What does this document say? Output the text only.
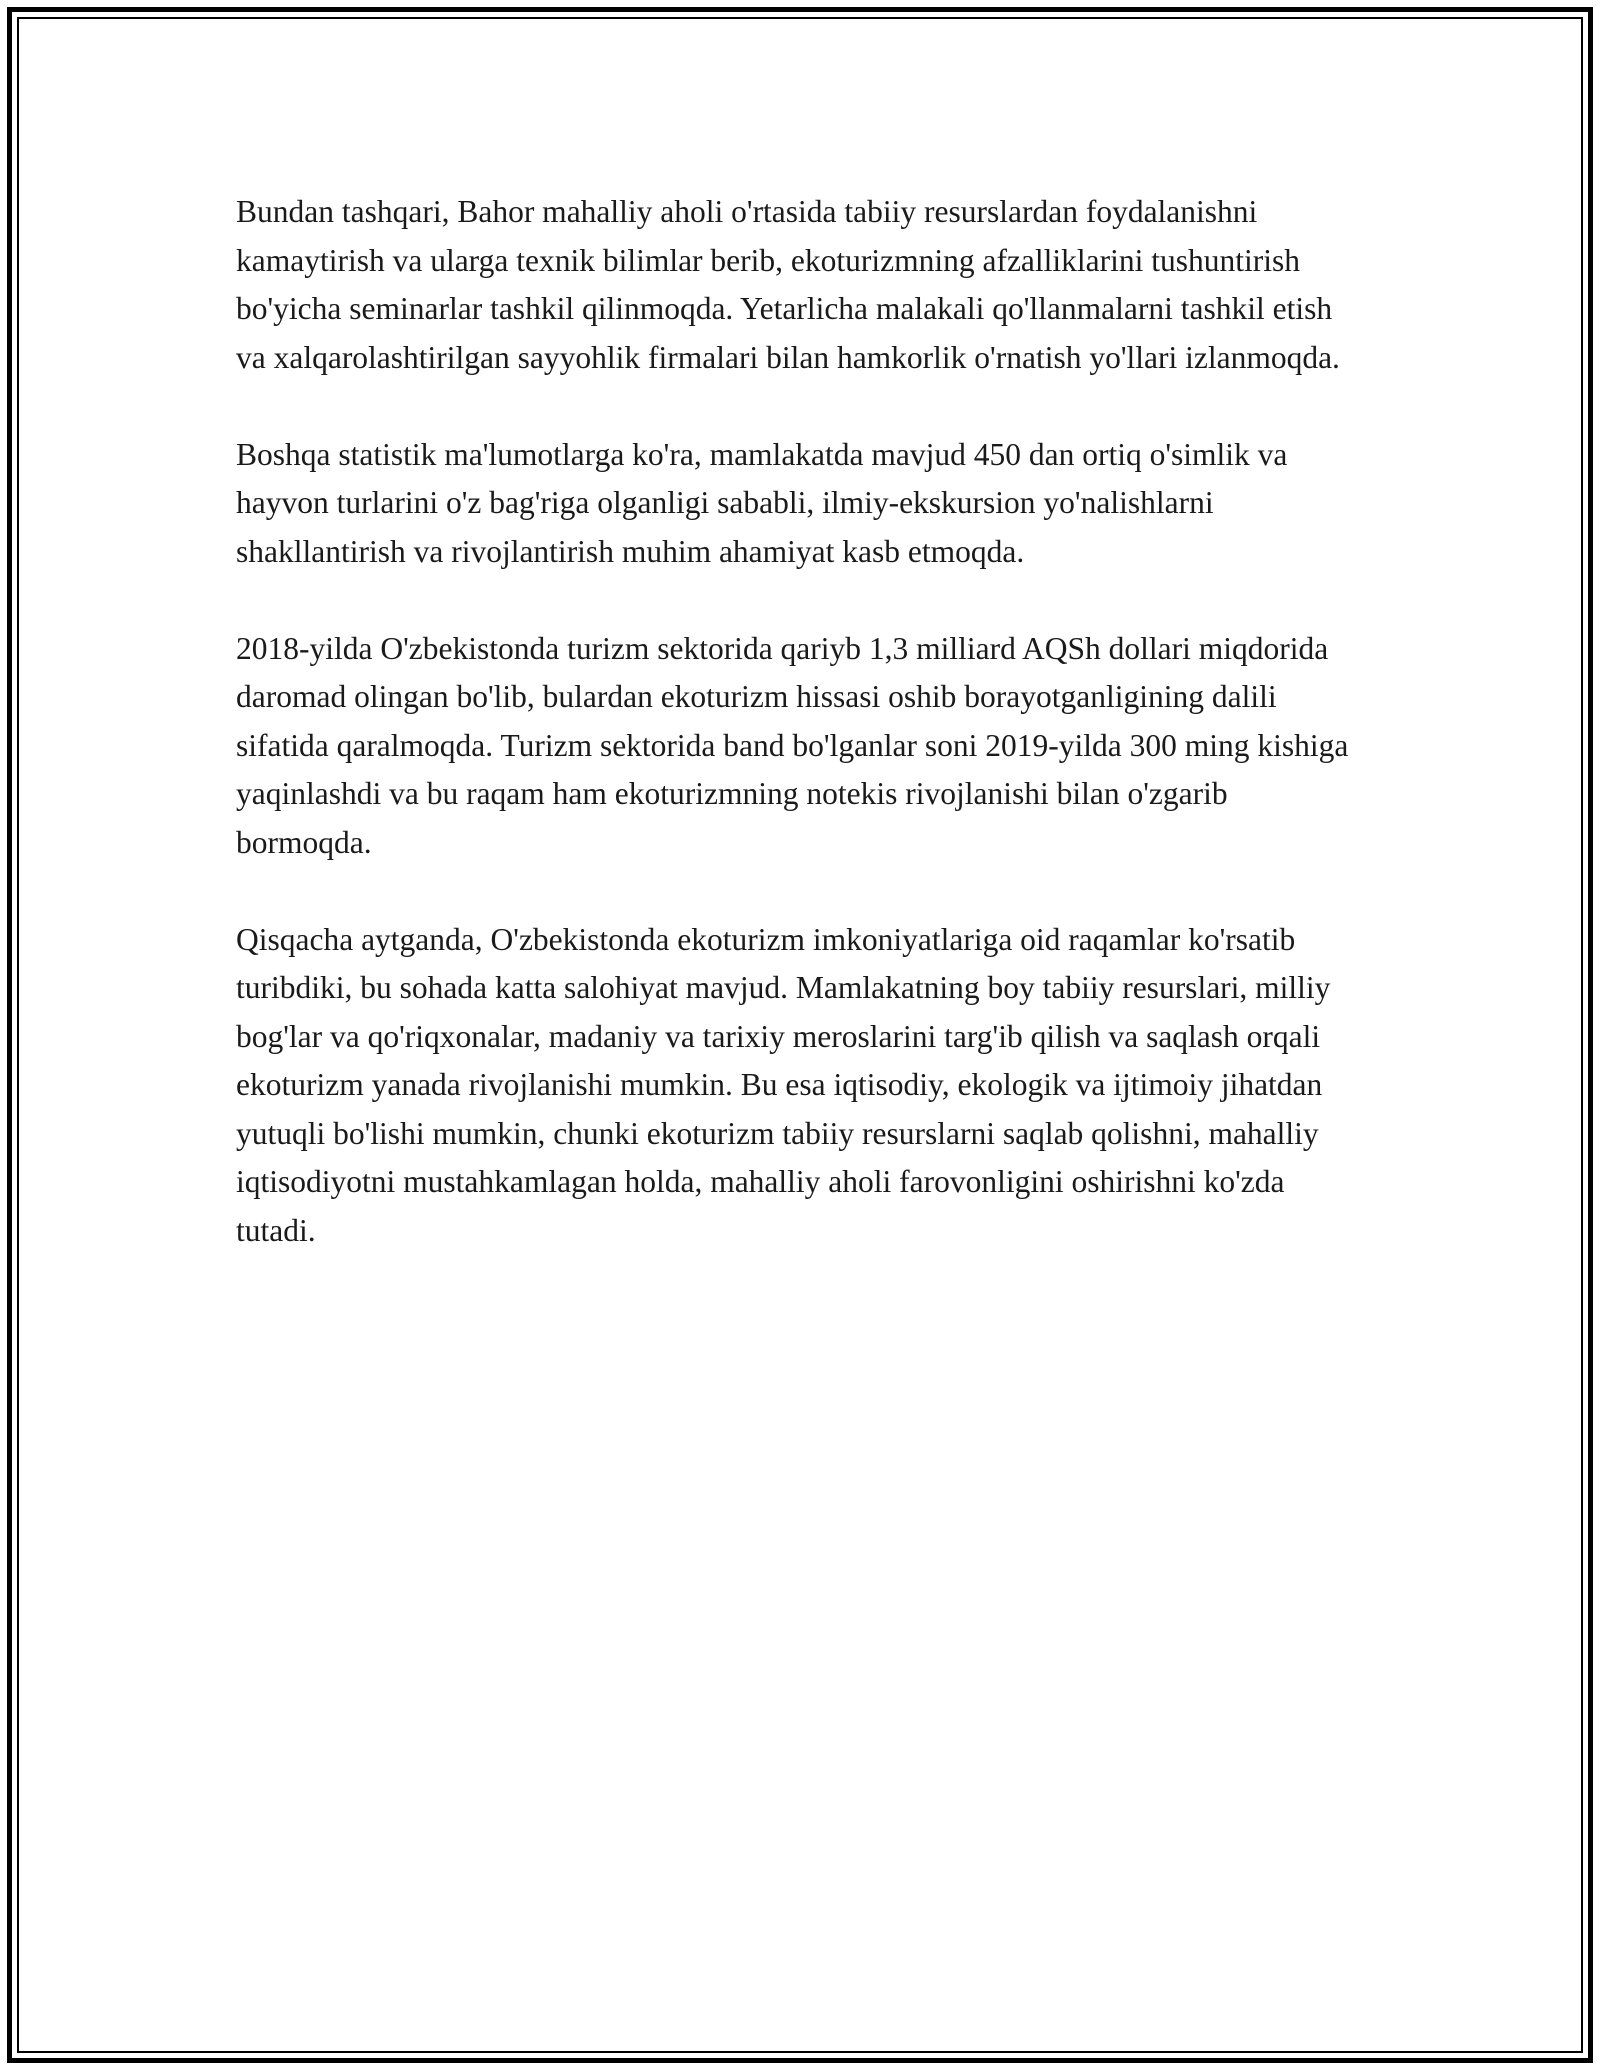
Bundan tashqari, Bahor mahalliy aholi o'rtasida tabiiy resurslardan foydalanishni kamaytirish va ularga texnik bilimlar berib, ekoturizmning afzalliklarini tushuntirish bo'yicha seminarlar tashkil qilinmoqda. Yetarlicha malakali qo'llanmalarni tashkil etish va xalqarolashtirilgan sayyohlik firmalari bilan hamkorlik o'rnatish yo'llari izlanmoqda.

Boshqa statistik ma'lumotlarga ko'ra, mamlakatda mavjud 450 dan ortiq o'simlik va hayvon turlarini o'z bag'riga olganligi sababli, ilmiy-ekskursion yo'nalishlarni shakllantirish va rivojlantirish muhim ahamiyat kasb etmoqda.

2018-yilda O'zbekistonda turizm sektorida qariyb 1,3 milliard AQSh dollari miqdorida daromad olingan bo'lib, bulardan ekoturizm hissasi oshib borayotganligining dalili sifatida qaralmoqda. Turizm sektorida band bo'lganlar soni 2019-yilda 300 ming kishiga yaqinlashdi va bu raqam ham ekoturizmning notekis rivojlanishi bilan o'zgarib bormoqda.

Qisqacha aytganda, O'zbekistonda ekoturizm imkoniyatlariga oid raqamlar ko'rsatib turibdiki, bu sohada katta salohiyat mavjud. Mamlakatning boy tabiiy resurslari, milliy bog'lar va qo'riqxonalar, madaniy va tarixiy meroslarini targ'ib qilish va saqlash orqali ekoturizm yanada rivojlanishi mumkin. Bu esa iqtisodiy, ekologik va ijtimoiy jihatdan yutuqli bo'lishi mumkin, chunki ekoturizm tabiiy resurslarni saqlab qolishni, mahalliy iqtisodiyotni mustahkamlagan holda, mahalliy aholi farovonligini oshirishni ko'zda tutadi.
